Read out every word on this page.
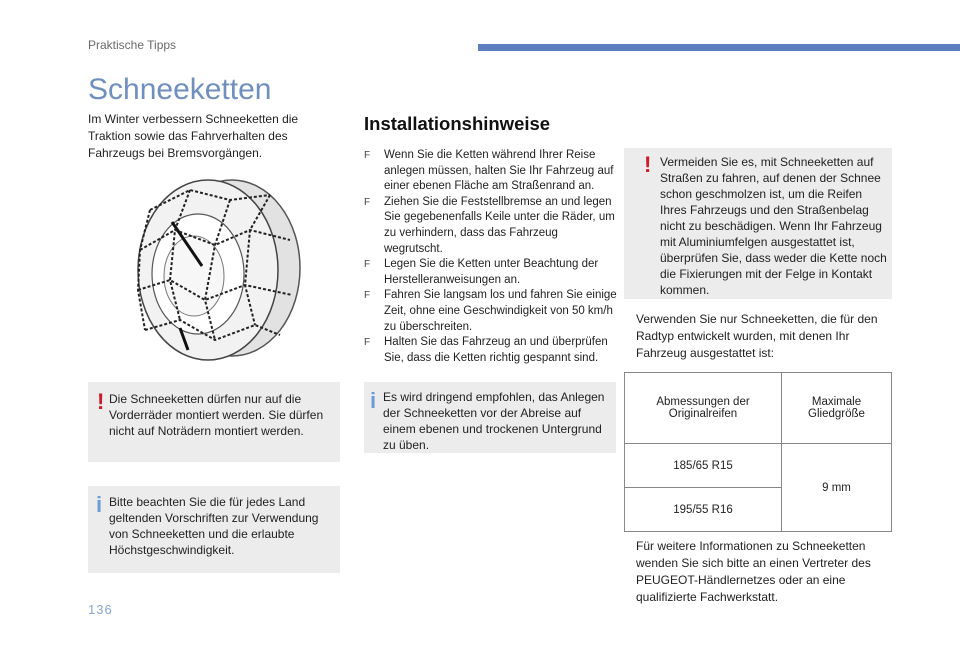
Praktische Tipps
Schneeketten
Im Winter verbessern Schneeketten die Traktion sowie das Fahrverhalten des Fahrzeugs bei Bremsvorgängen.
! Die Schneeketten dürfen nur auf die Vorderräder montiert werden. Sie dürfen nicht auf Noträdern montiert werden.
i Bitte beachten Sie die für jedes Land geltenden Vorschriften zur Verwendung von Schneeketten und die erlaubte Höchstgeschwindigkeit.
Installationshinweise
F Wenn Sie die Ketten während Ihrer Reise anlegen müssen, halten Sie Ihr Fahrzeug auf einer ebenen Fläche am Straßenrand an.
F Ziehen Sie die Feststellbremse an und legen Sie gegebenenfalls Keile unter die Räder, um zu verhindern, dass das Fahrzeug wegrutscht.
F Legen Sie die Ketten unter Beachtung der Herstelleranweisungen an.
F Fahren Sie langsam los und fahren Sie einige Zeit, ohne eine Geschwindigkeit von 50 km/h zu überschreiten.
F Halten Sie das Fahrzeug an und überprüfen Sie, dass die Ketten richtig gespannt sind.
i Es wird dringend empfohlen, das Anlegen der Schneeketten vor der Abreise auf einem ebenen und trockenen Untergrund zu üben.
! Vermeiden Sie es, mit Schneeketten auf Straßen zu fahren, auf denen der Schnee schon geschmolzen ist, um die Reifen Ihres Fahrzeugs und den Straßenbelag nicht zu beschädigen. Wenn Ihr Fahrzeug mit Aluminiumfelgen ausgestattet ist, überprüfen Sie, dass weder die Kette noch die Fixierungen mit der Felge in Kontakt kommen.
Verwenden Sie nur Schneeketten, die für den Radtyp entwickelt wurden, mit denen Ihr Fahrzeug ausgestattet ist:
Abmessungen der Originalreifen	Maximale Gliedgröße
185/65 R15	9 mm
195/55 R16	
Für weitere Informationen zu Schneeketten wenden Sie sich bitte an einen Vertreter des PEUGEOT-Händlernetzes oder an eine qualifizierte Fachwerkstatt.
136
